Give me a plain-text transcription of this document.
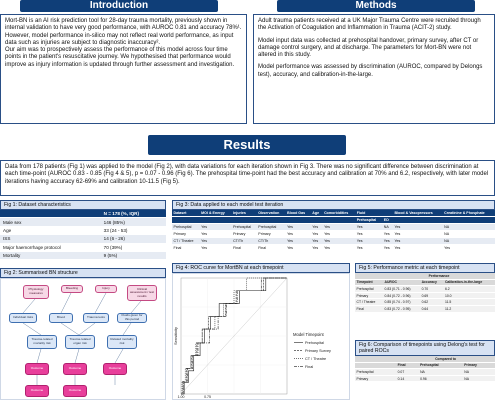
Introduction

Mort-BN is an AI risk prediction tool for 28-day trauma mortality, previously shown in internal validation to have very good performance, with AUROC 0.81 and accuracy 78%¹. However, model performance in-silico may not reflect real world performance, as input data such as injuries are subject to diagnostic inaccuracy².

Our aim was to prospectively assess the performance of this model across four time points in the patient's resuscitative journey. We hypothesised that performance would improve as injury information is updated through further assessment and investigation.

Methods

Adult trauma patients received at a UK Major Trauma Centre were recruited through the Activation of Coagulation and Inflammation in Trauma (ACIT-2) study.

Model input data was collected at prehospital handover, primary survey, after CT or damage control surgery, and at discharge. The parameters for Mort-BN were not altered in this study.

Model performance was assessed by discrimination (AUROC, compared by Delongs test), accuracy, and calibration-in-the-large.

Results
Data from 178 patients (Fig 1) was applied to the model (Fig 2), with data variations for each iteration shown in Fig 3. There was no significant difference between discrimination at each time-point (AUROC 0.83 - 0.85 (Fig 4 & 5), p = 0.07 - 0.96 (Fig 6). The prehospital time-point had the best accuracy and calibration at 70% and 6.2, respectively, with later model iterations having accuracy 62-69% and calibration 10-11.5 (Fig 5).
Fig 1: Dataset characteristics
	N = 178 (%, IQR)
Male sex	146 (85%)
Age	33 (24 - 53)
ISS	14 (6 - 26)
Major haemorrhage protocol	70 (39%)
Mortality	9 (5%)
Fig 2: Summarised BN structure
Physiology measures
Bleeding	Injury	Clinical assessment / test results
Individual risks	Blood	Trauma tests	Fluids given for this period
Trauma-related mortality risk
Trauma-related organ risk
Related mortality risk
Outcome	Outcome	Outcome
Outcome	Outcome
Fig 3: Data applied to each model test iteration
Dataset	MOI & Energy	Injuries	Observation	Blood Gas	Age	Comorbidities	Fluid		Blood & Vasopressors	Creatinine & Phosphate
							Prehospital	ED		
Prehospital	Yes	Prehospital	Prehospital	Yes	Yes	Yes	Yes	NA	Yes	NA
Primary	Yes	Primary	Primary	Yes	Yes	Yes	Yes	Yes	Yes	NA
CT / Theatre	Yes	CT/Th	CT/Th	Yes	Yes	Yes	Yes	Yes	Yes	NA
Final	Yes	Final	Final	Yes	Yes	Yes	Yes	Yes	Yes	Yes
Fig 4: ROC curve for MortBN at each timepoint
Sensitivity
1.00	0.75
Model Timepoint
Prehospital
Primary Survey
CT / Theatre
Final
Fig 5: Performance metric at each timepoint
	Performance		
Timepoint	AUROC	Accuracy	Calibration-in-the-large
Prehospital	0.83 (0.71 - 0.96)	0.70	6.2
Primary	0.84 (0.72 - 0.96)	0.69	10.0
CT / Theatre	0.85 (0.74 - 0.97)	0.62	11.5
Final	0.83 (0.72 - 0.95)	0.64	11.2
Fig 6: Comparison of timepoints using Delong's test for paired ROCs
	Compared to		
	Final	Prehospital	Primary
Prehospital	0.07	NA	NA
Primary	0.14	0.96	NA
